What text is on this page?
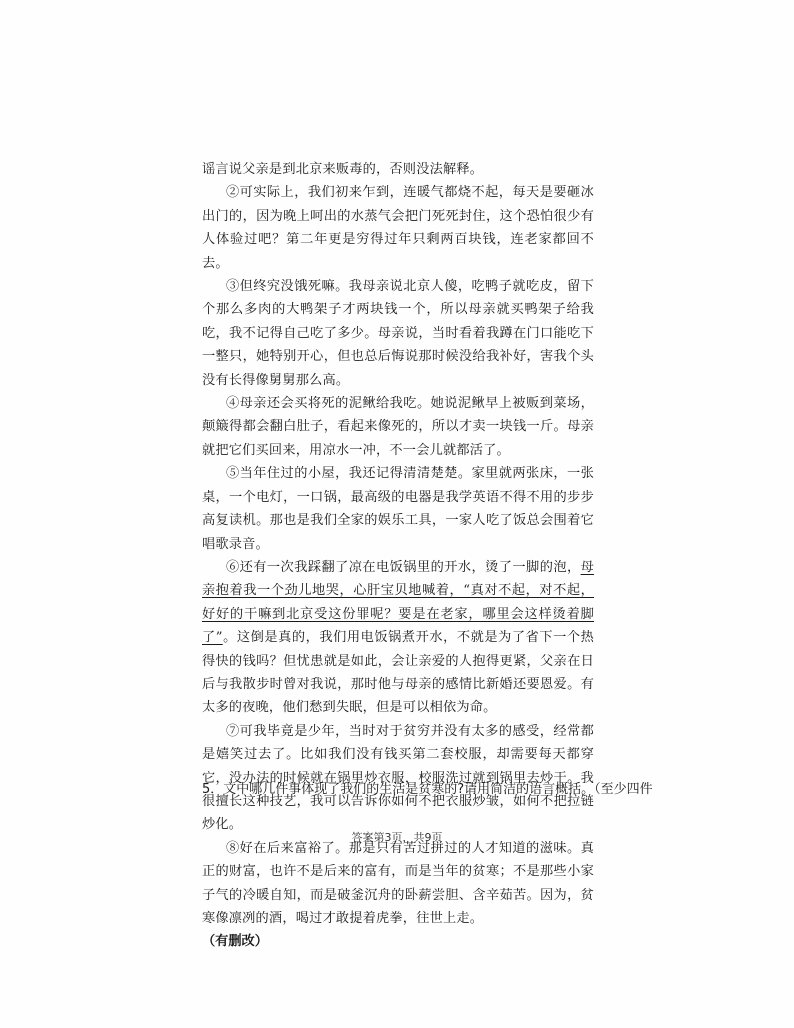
谣言说父亲是到北京来贩毒的，否则没法解释。

②可实际上，我们初来乍到，连暖气都烧不起，每天是要砸冰出门的，因为晚上呵出的水蒸气会把门死死封住，这个恐怕很少有人体验过吧？第二年更是穷得过年只剩两百块钱，连老家都回不去。

③但终究没饿死嘛。我母亲说北京人傻，吃鸭子就吃皮，留下个那么多肉的大鸭架子才两块钱一个，所以母亲就买鸭架子给我吃，我不记得自己吃了多少。母亲说，当时看着我蹲在门口能吃下一整只，她特别开心，但也总后悔说那时候没给我补好，害我个头没有长得像舅舅那么高。

④母亲还会买将死的泥鳅给我吃。她说泥鳅早上被贩到菜场，颠簸得都会翻白肚子，看起来像死的，所以才卖一块钱一斤。母亲就把它们买回来，用凉水一冲，不一会儿就都活了。

⑤当年住过的小屋，我还记得清清楚楚。家里就两张床，一张桌，一个电灯，一口锅，最高级的电器是我学英语不得不用的步步高复读机。那也是我们全家的娱乐工具，一家人吃了饭总会围着它唱歌录音。

⑥还有一次我踩翻了凉在电饭锅里的开水，烫了一脚的泡，母亲抱着我一个劲儿地哭，心肝宝贝地喊着，“真对不起，对不起，好好的干嘛到北京受这份罪呢？要是在老家，哪里会这样烫着脚了”。这倒是真的，我们用电饭锅煮开水，不就是为了省下一个热得快的钱吗？但忧患就是如此，会让亲爱的人抱得更紧，父亲在日后与我散步时曾对我说，那时他与母亲的感情比新婚还要恩爱。有太多的夜晚，他们愁到失眠，但是可以相依为命。

⑦可我毕竟是少年，当时对于贫穷并没有太多的感受，经常都是嬉笑过去了。比如我们没有钱买第二套校服，却需要每天都穿它，没办法的时候就在锅里炒衣服，校服洗过就到锅里去炒干。我很擅长这种技艺，我可以告诉你如何不把衣服炒皱，如何不把拉链炒化。

⑧好在后来富裕了。那是只有苦过拼过的人才知道的滋味。真正的财富，也许不是后来的富有，而是当年的贫寒；不是那些小家子气的冷暖自知，而是破釜沉舟的卧薪尝胆、含辛茹苦。因为，贫寒像凛冽的酒，喝过才敢提着虎拳，往世上走。

（有删改）

5．文中哪几件事体现了我们的生活是贫寒的?请用简洁的语言概括。（至少四件
答案第3页，共9页
